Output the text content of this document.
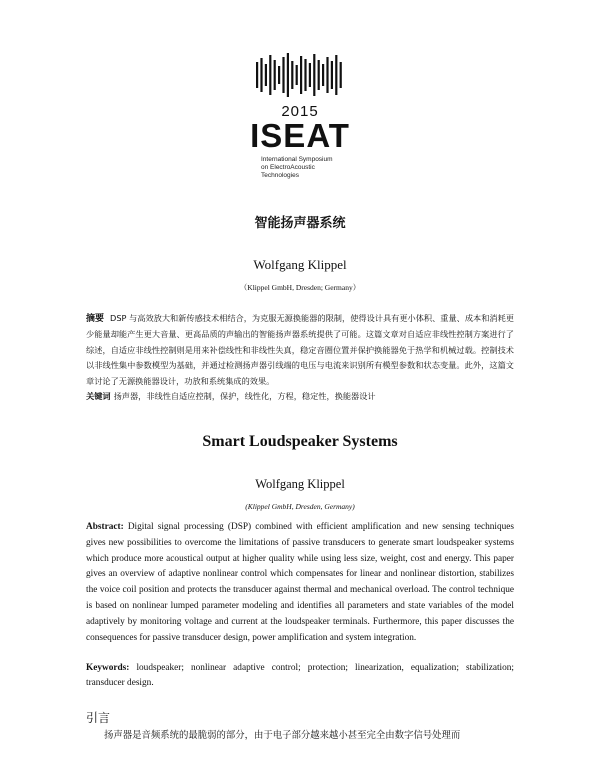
2015
ISEAT
International Symposium
on ElectroAcoustic
Technologies
智能扬声器系统
Wolfgang Klippel
（Klippel GmbH, Dresden; Germany）
摘要 DSP 与高效放大和新传感技术相结合，为克服无源换能器的限制，使得设计具有更小体积、重量、成本和消耗更少能量却能产生更大音量、更高品质的声输出的智能扬声器系统提供了可能。这篇文章对自适应非线性控制方案进行了综述，自适应非线性控制则是用来补偿线性和非线性失真，稳定音圈位置并保护换能器免于热学和机械过载。控制技术以非线性集中参数模型为基础，并通过检测扬声器引线端的电压与电流来识别所有模型参数和状态变量。此外，这篇文章讨论了无源换能器设计，功放和系统集成的效果。
关键词 扬声器，非线性自适应控制，保护，线性化，方程，稳定性，换能器设计
Smart Loudspeaker Systems
Wolfgang Klippel
(Klippel GmbH, Dresden, Germany)
Abstract: Digital signal processing (DSP) combined with efficient amplification and new sensing techniques gives new possibilities to overcome the limitations of passive transducers to generate smart loudspeaker systems which produce more acoustical output at higher quality while using less size, weight, cost and energy. This paper gives an overview of adaptive nonlinear control which compensates for linear and nonlinear distortion, stabilizes the voice coil position and protects the transducer against thermal and mechanical overload. The control technique is based on nonlinear lumped parameter modeling and identifies all parameters and state variables of the model adaptively by monitoring voltage and current at the loudspeaker terminals. Furthermore, this paper discusses the consequences for passive transducer design, power amplification and system integration.
Keywords: loudspeaker; nonlinear adaptive control; protection; linearization, equalization; stabilization; transducer design.
引言
扬声器是音频系统的最脆弱的部分，由于电子部分越来越小甚至完全由数字信号处理而
